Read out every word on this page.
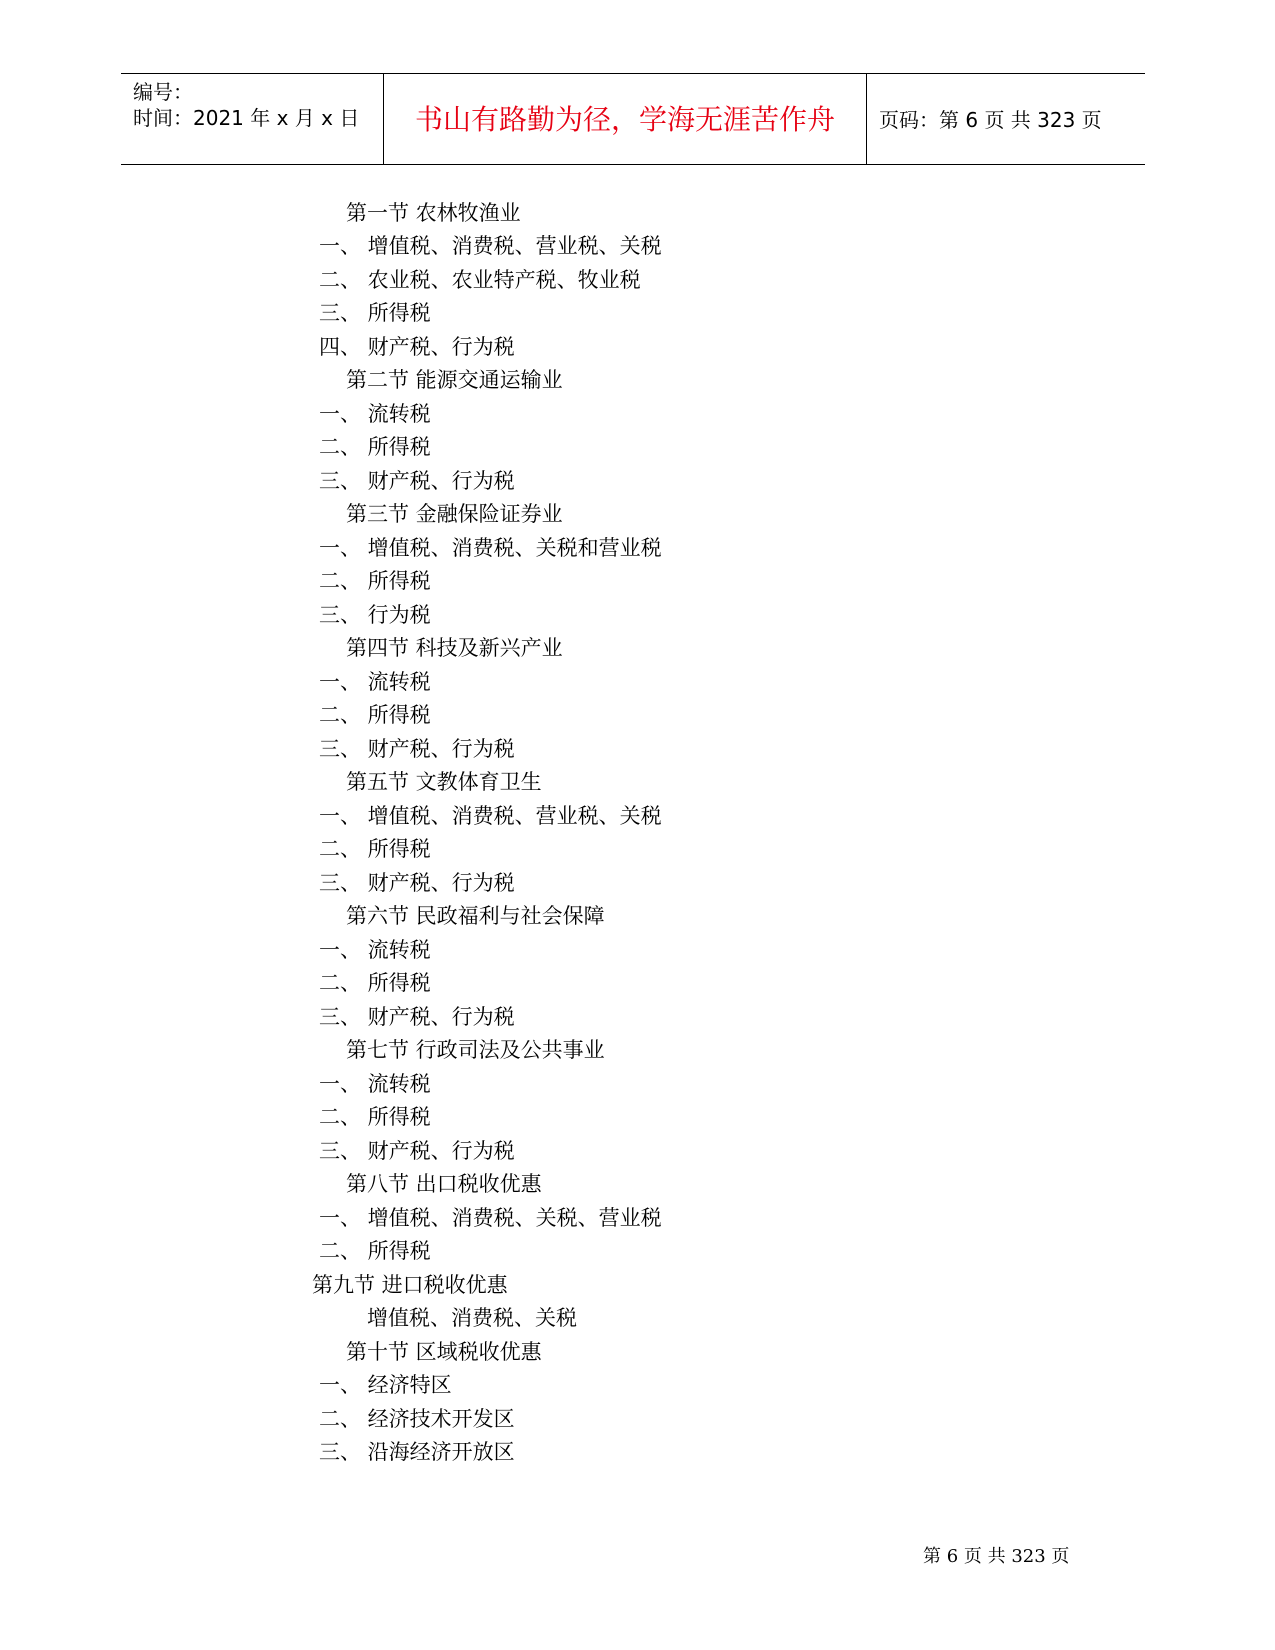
编号：
时间：2021 年 x 月 x 日	书山有路勤为径，学海无涯苦作舟	页码：第 6 页 共 323 页
第一节 农林牧渔业
一、 增值税、消费税、营业税、关税
二、 农业税、农业特产税、牧业税
三、 所得税
四、 财产税、行为税
第二节 能源交通运输业
一、 流转税
二、 所得税
三、 财产税、行为税
第三节 金融保险证券业
一、 增值税、消费税、关税和营业税
二、 所得税
三、 行为税
第四节 科技及新兴产业
一、 流转税
二、 所得税
三、 财产税、行为税
第五节 文教体育卫生
一、 增值税、消费税、营业税、关税
二、 所得税
三、 财产税、行为税
第六节 民政福利与社会保障
一、 流转税
二、 所得税
三、 财产税、行为税
第七节 行政司法及公共事业
一、 流转税
二、 所得税
三、 财产税、行为税
第八节 出口税收优惠
一、 增值税、消费税、关税、营业税
二、 所得税
第九节 进口税收优惠
增值税、消费税、关税
第十节 区域税收优惠
一、 经济特区
二、 经济技术开发区
三、 沿海经济开放区
第 6 页 共 323 页
